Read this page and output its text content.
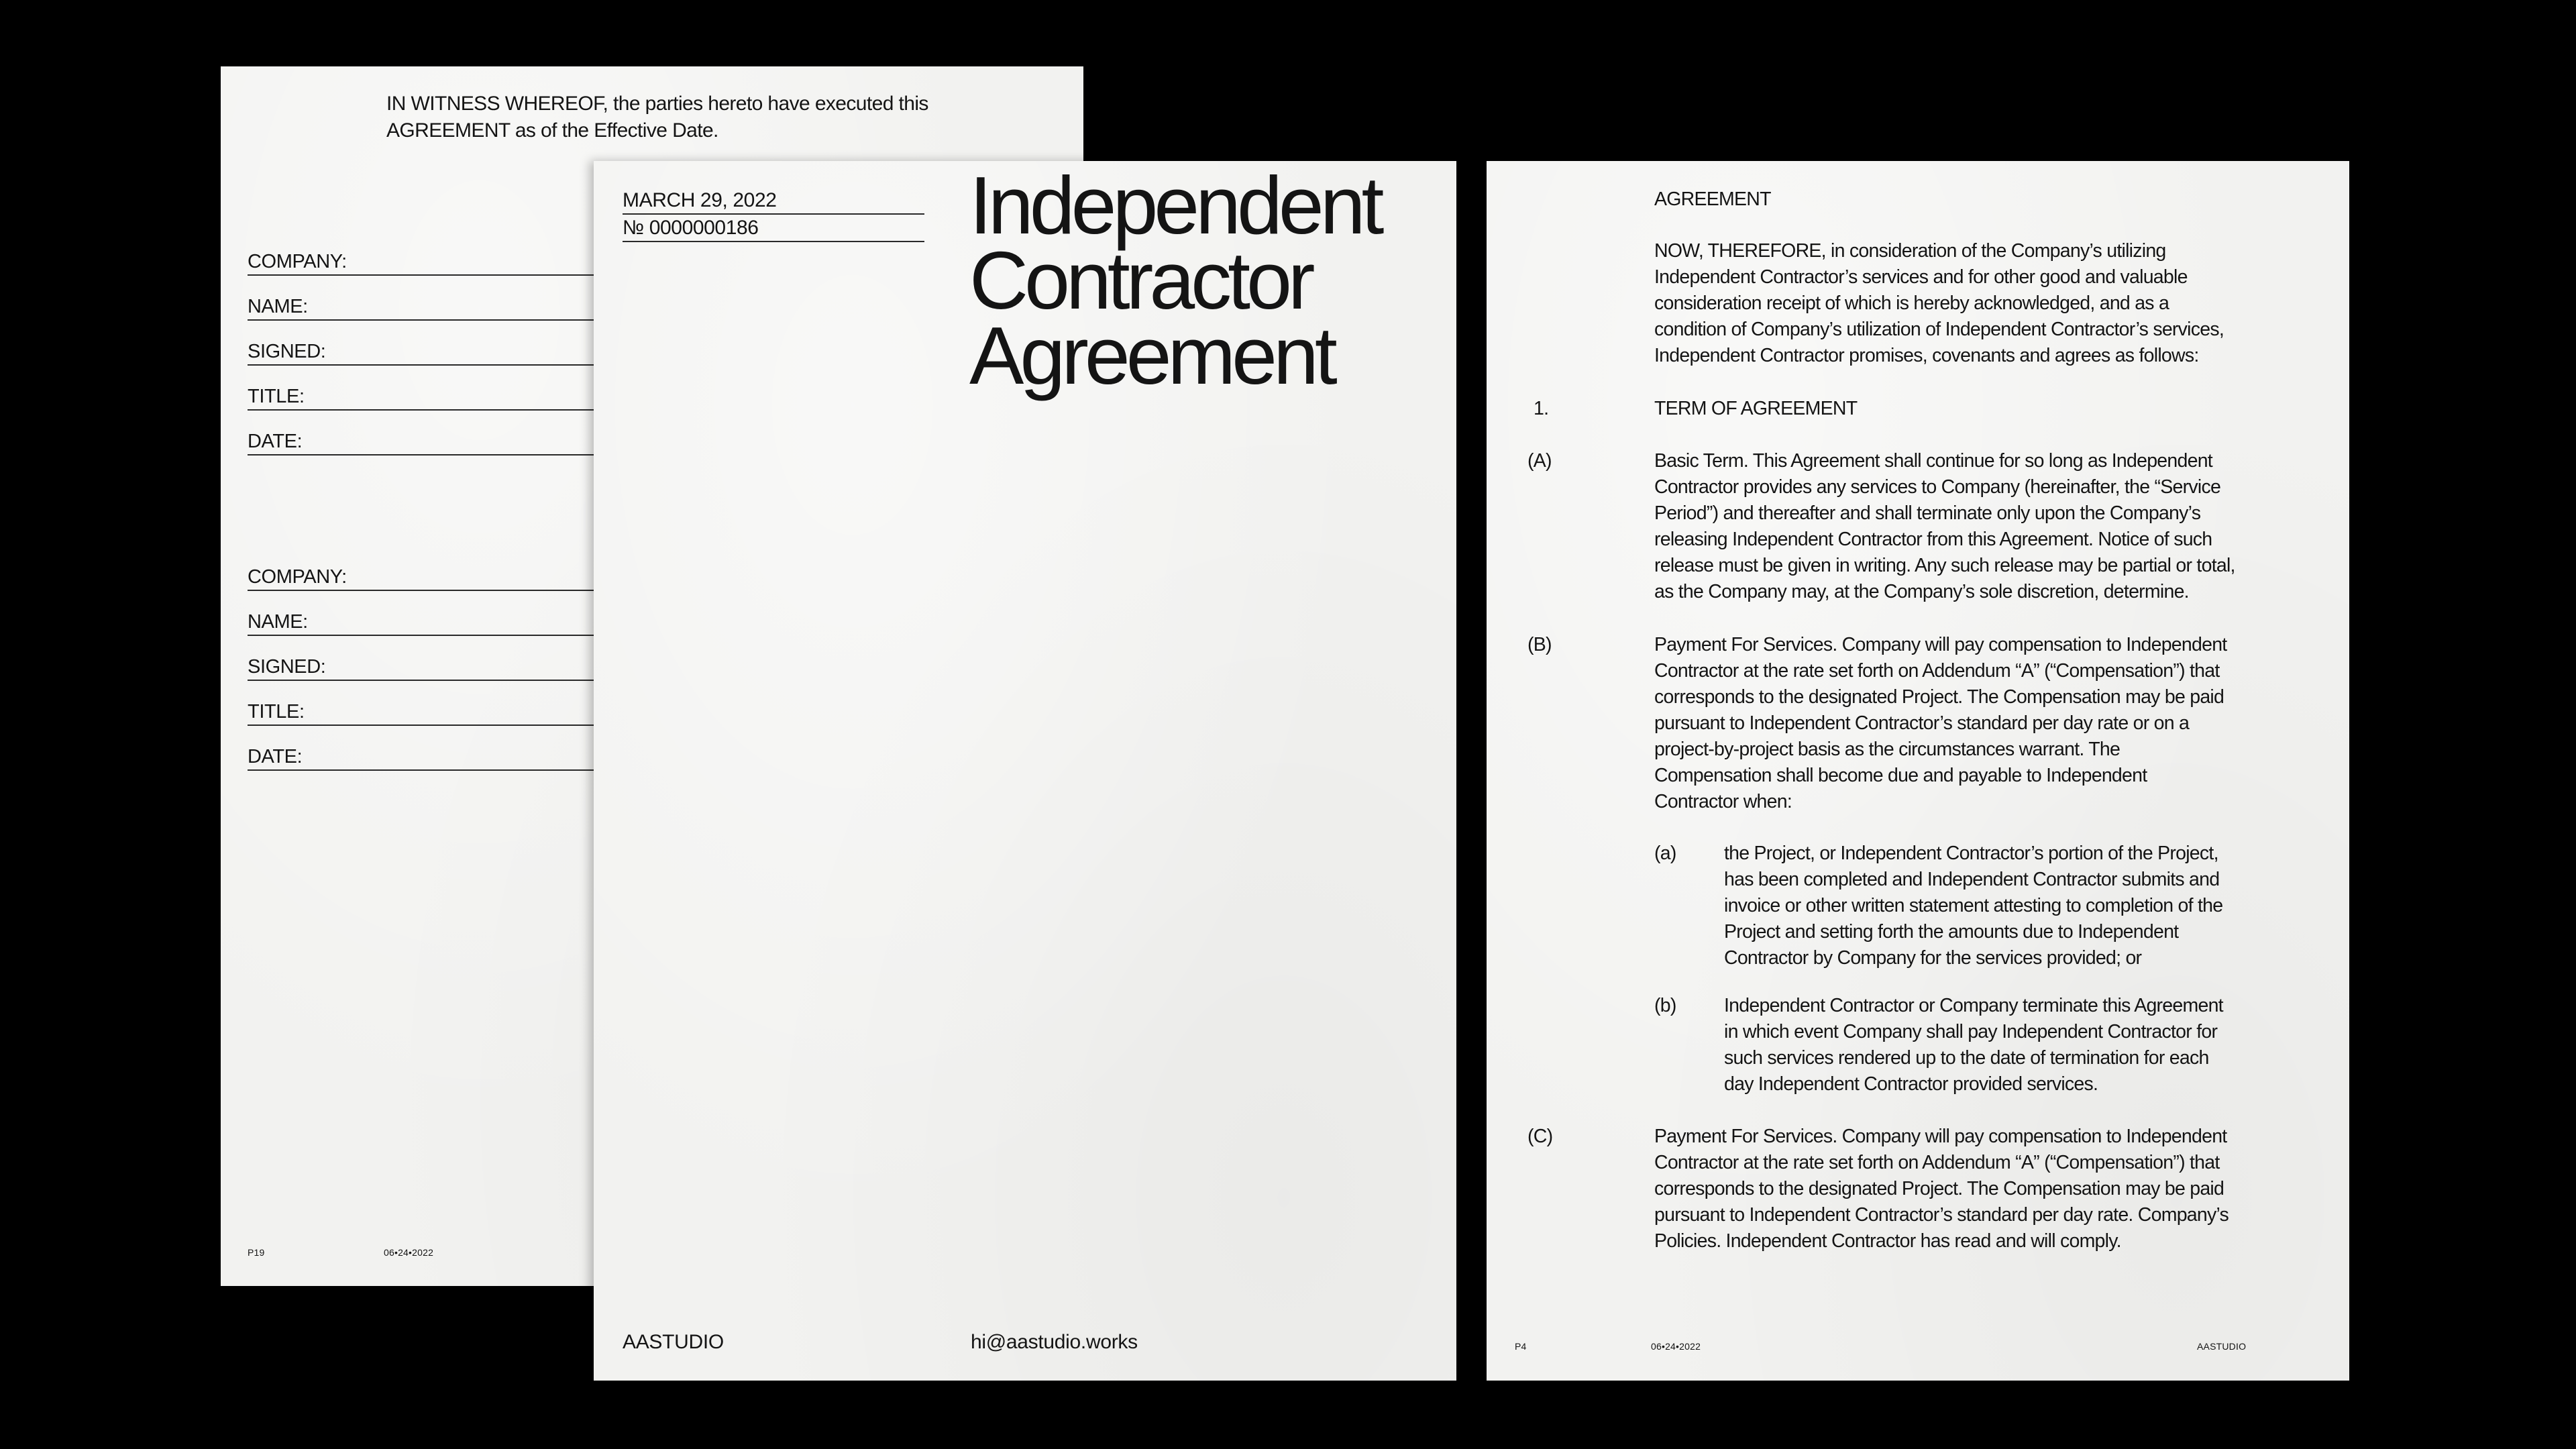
IN WITNESS WHEREOF, the parties hereto have executed this
AGREEMENT as of the Effective Date.
COMPANY:
NAME:
SIGNED:
TITLE:
DATE:
COMPANY:
NAME:
SIGNED:
TITLE:
DATE:
P19	06•24•2022
MARCH 29, 2022
№ 0000000186	Independent
Contractor
Agreement
AASTUDIO	hi@aastudio.works
AGREEMENT
NOW, THEREFORE, in consideration of the Company’s utilizing
Independent Contractor’s services and for other good and valuable
consideration receipt of which is hereby acknowledged, and as a
condition of Company’s utilization of Independent Contractor’s services,
Independent Contractor promises, covenants and agrees as follows:
1.	TERM OF AGREEMENT
(A)	Basic Term. This Agreement shall continue for so long as Independent
Contractor provides any services to Company (hereinafter, the “Service
Period”) and thereafter and shall terminate only upon the Company’s
releasing Independent Contractor from this Agreement. Notice of such
release must be given in writing. Any such release may be partial or total,
as the Company may, at the Company’s sole discretion, determine.
(B)	Payment For Services. Company will pay compensation to Independent
Contractor at the rate set forth on Addendum “A” (“Compensation”) that
corresponds to the designated Project. The Compensation may be paid
pursuant to Independent Contractor’s standard per day rate or on a
project-by-project basis as the circumstances warrant. The
Compensation shall become due and payable to Independent
Contractor when:
(a)	the Project, or Independent Contractor’s portion of the Project,
has been completed and Independent Contractor submits and
invoice or other written statement attesting to completion of the
Project and setting forth the amounts due to Independent
Contractor by Company for the services provided; or
(b)	Independent Contractor or Company terminate this Agreement
in which event Company shall pay Independent Contractor for
such services rendered up to the date of termination for each
day Independent Contractor provided services.
(C)	Payment For Services. Company will pay compensation to Independent
Contractor at the rate set forth on Addendum “A” (“Compensation”) that
corresponds to the designated Project. The Compensation may be paid
pursuant to Independent Contractor’s standard per day rate. Company’s
Policies. Independent Contractor has read and will comply.
P4	06•24•2022	AASTUDIO
